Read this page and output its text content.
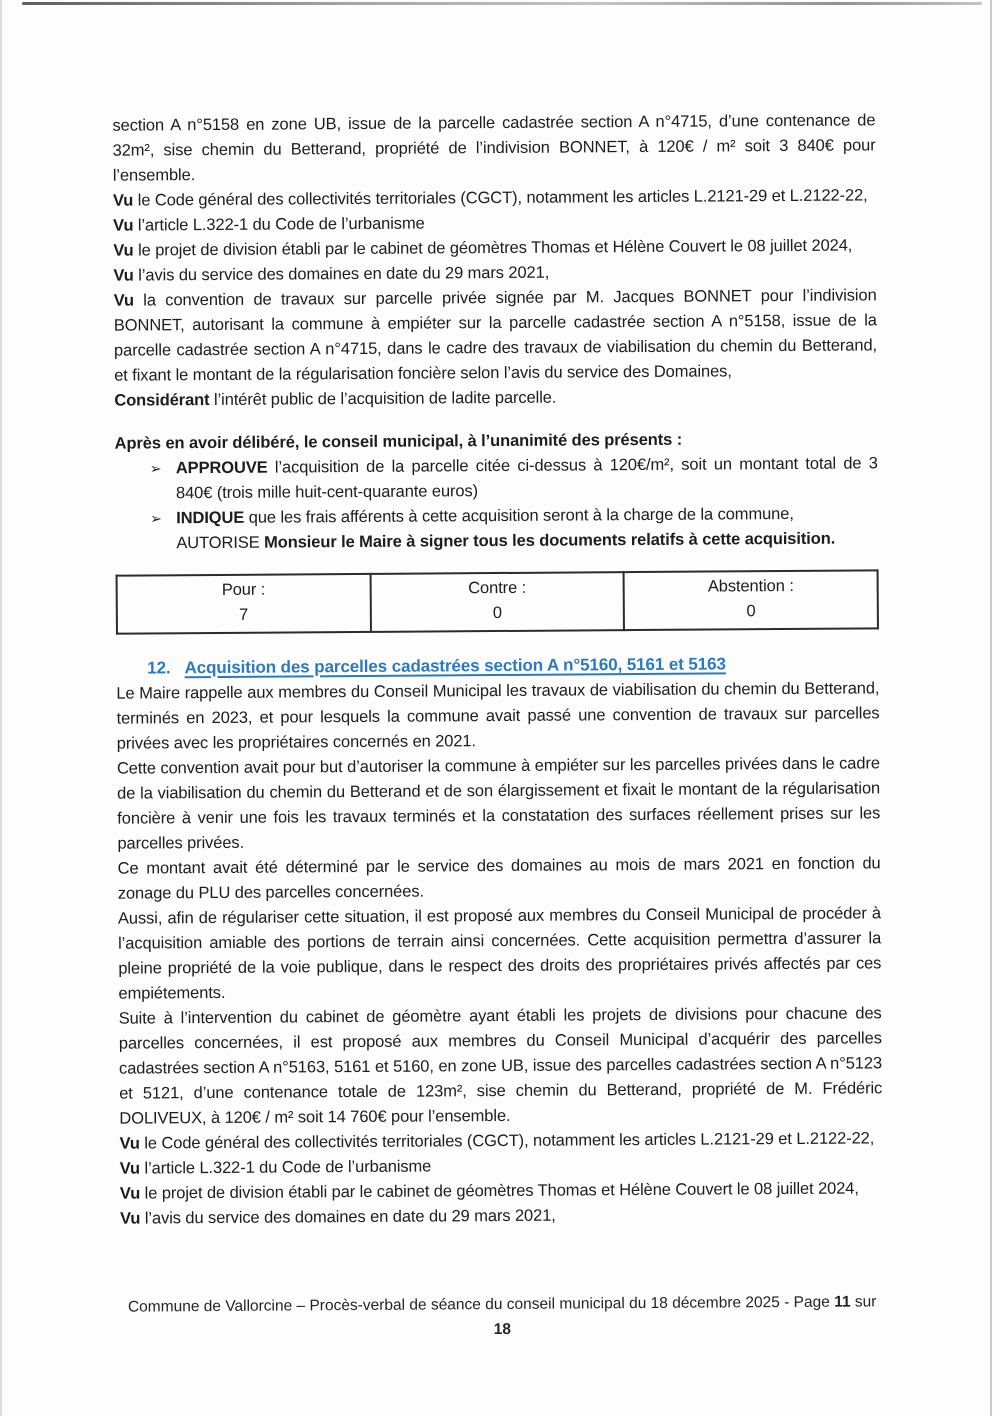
section A n°5158 en zone UB, issue de la parcelle cadastrée section A n°4715, d’une contenance de 32m², sise chemin du Betterand, propriété de l’indivision BONNET, à 120€ / m² soit 3 840€ pour l’ensemble.
Vu le Code général des collectivités territoriales (CGCT), notamment les articles L.2121-29 et L.2122-22,
Vu l’article L.322-1 du Code de l’urbanisme
Vu le projet de division établi par le cabinet de géomètres Thomas et Hélène Couvert le 08 juillet 2024,
Vu l’avis du service des domaines en date du 29 mars 2021,
Vu la convention de travaux sur parcelle privée signée par M. Jacques BONNET pour l’indivision BONNET, autorisant la commune à empiéter sur la parcelle cadastrée section A n°5158, issue de la parcelle cadastrée section A n°4715, dans le cadre des travaux de viabilisation du chemin du Betterand, et fixant le montant de la régularisation foncière selon l’avis du service des Domaines,
Considérant l’intérêt public de l’acquisition de ladite parcelle.
Après en avoir délibéré, le conseil municipal, à l’unanimité des présents :
➢ APPROUVE l’acquisition de la parcelle citée ci-dessus à 120€/m², soit un montant total de 3 840€ (trois mille huit-cent-quarante euros)
➢ INDIQUE que les frais afférents à cette acquisition seront à la charge de la commune,
AUTORISE Monsieur le Maire à signer tous les documents relatifs à cette acquisition.
Pour :
7

Contre :
0

Abstention :
0
12. Acquisition des parcelles cadastrées section A n°5160, 5161 et 5163
Le Maire rappelle aux membres du Conseil Municipal les travaux de viabilisation du chemin du Betterand, terminés en 2023, et pour lesquels la commune avait passé une convention de travaux sur parcelles privées avec les propriétaires concernés en 2021.
Cette convention avait pour but d’autoriser la commune à empiéter sur les parcelles privées dans le cadre de la viabilisation du chemin du Betterand et de son élargissement et fixait le montant de la régularisation foncière à venir une fois les travaux terminés et la constatation des surfaces réellement prises sur les parcelles privées.
Ce montant avait été déterminé par le service des domaines au mois de mars 2021 en fonction du zonage du PLU des parcelles concernées.
Aussi, afin de régulariser cette situation, il est proposé aux membres du Conseil Municipal de procéder à l’acquisition amiable des portions de terrain ainsi concernées. Cette acquisition permettra d’assurer la pleine propriété de la voie publique, dans le respect des droits des propriétaires privés affectés par ces empiétements.
Suite à l’intervention du cabinet de géomètre ayant établi les projets de divisions pour chacune des parcelles concernées, il est proposé aux membres du Conseil Municipal d’acquérir des parcelles cadastrées section A n°5163, 5161 et 5160, en zone UB, issue des parcelles cadastrées section A n°5123 et 5121, d’une contenance totale de 123m², sise chemin du Betterand, propriété de M. Frédéric DOLIVEUX, à 120€ / m² soit 14 760€ pour l’ensemble.
Vu le Code général des collectivités territoriales (CGCT), notamment les articles L.2121-29 et L.2122-22,
Vu l’article L.322-1 du Code de l’urbanisme
Vu le projet de division établi par le cabinet de géomètres Thomas et Hélène Couvert le 08 juillet 2024,
Vu l’avis du service des domaines en date du 29 mars 2021,
Commune de Vallorcine – Procès-verbal de séance du conseil municipal du 18 décembre 2025 - Page 11 sur
18
